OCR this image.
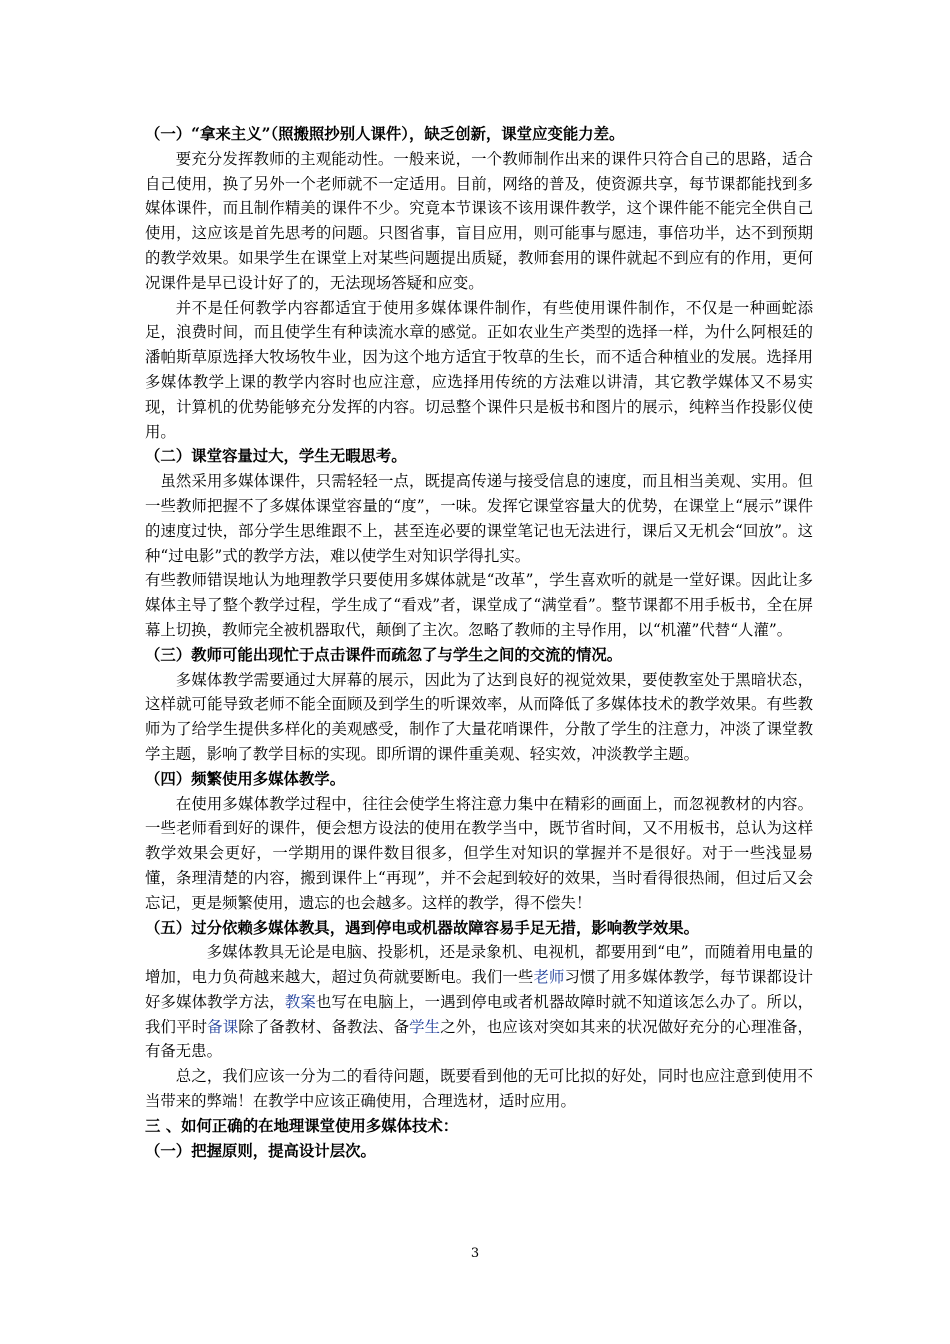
（一）“拿来主义”（照搬照抄别人课件），缺乏创新，课堂应变能力差。

要充分发挥教师的主观能动性。一般来说，一个教师制作出来的课件只符合自己的思路，适合自己使用，换了另外一个老师就不一定适用。目前，网络的普及，使资源共享，每节课都能找到多媒体课件，而且制作精美的课件不少。究竟本节课该不该用课件教学，这个课件能不能完全供自己使用，这应该是首先思考的问题。只图省事，盲目应用，则可能事与愿违，事倍功半，达不到预期的教学效果。如果学生在课堂上对某些问题提出质疑，教师套用的课件就起不到应有的作用，更何况课件是早已设计好了的，无法现场答疑和应变。

并不是任何教学内容都适宜于使用多媒体课件制作，有些使用课件制作，不仅是一种画蛇添足，浪费时间，而且使学生有种读流水章的感觉。正如农业生产类型的选择一样，为什么阿根廷的潘帕斯草原选择大牧场牧牛业，因为这个地方适宜于牧草的生长，而不适合种植业的发展。选择用多媒体教学上课的教学内容时也应注意，应选择用传统的方法难以讲清，其它教学媒体又不易实现，计算机的优势能够充分发挥的内容。切忌整个课件只是板书和图片的展示，纯粹当作投影仪使用。

（二）课堂容量过大，学生无暇思考。

虽然采用多媒体课件，只需轻轻一点，既提高传递与接受信息的速度，而且相当美观、实用。但一些教师把握不了多媒体课堂容量的“度”，一味。发挥它课堂容量大的优势，在课堂上“展示”课件的速度过快，部分学生思维跟不上，甚至连必要的课堂笔记也无法进行，课后又无机会“回放”。这种“过电影”式的教学方法，难以使学生对知识学得扎实。

有些教师错误地认为地理教学只要使用多媒体就是“改革”，学生喜欢听的就是一堂好课。因此让多媒体主导了整个教学过程，学生成了“看戏”者，课堂成了“满堂看”。整节课都不用手板书，全在屏幕上切换，教师完全被机器取代，颠倒了主次。忽略了教师的主导作用，以“机灌”代替“人灌”。

（三）教师可能出现忙于点击课件而疏忽了与学生之间的交流的情况。

多媒体教学需要通过大屏幕的展示，因此为了达到良好的视觉效果，要使教室处于黑暗状态，这样就可能导致老师不能全面顾及到学生的听课效率，从而降低了多媒体技术的教学效果。有些教师为了给学生提供多样化的美观感受，制作了大量花哨课件，分散了学生的注意力，冲淡了课堂教学主题，影响了教学目标的实现。即所谓的课件重美观、轻实效，冲淡教学主题。

（四）频繁使用多媒体教学。

在使用多媒体教学过程中，往往会使学生将注意力集中在精彩的画面上，而忽视教材的内容。一些老师看到好的课件，便会想方设法的使用在教学当中，既节省时间，又不用板书，总认为这样教学效果会更好，一学期用的课件数目很多，但学生对知识的掌握并不是很好。对于一些浅显易懂，条理清楚的内容，搬到课件上“再现”，并不会起到较好的效果，当时看得很热闹，但过后又会忘记，更是频繁使用，遗忘的也会越多。这样的教学，得不偿失！

（五）过分依赖多媒体教具，遇到停电或机器故障容易手足无措，影响教学效果。

多媒体教具无论是电脑、投影机，还是录象机、电视机，都要用到“电”，而随着用电量的增加，电力负荷越来越大，超过负荷就要断电。我们一些老师习惯了用多媒体教学，每节课都设计好多媒体教学方法，教案也写在电脑上，一遇到停电或者机器故障时就不知道该怎么办了。所以，我们平时备课除了备教材、备教法、备学生之外，也应该对突如其来的状况做好充分的心理准备，有备无患。

总之，我们应该一分为二的看待问题，既要看到他的无可比拟的好处，同时也应注意到使用不当带来的弊端！在教学中应该正确使用，合理选材，适时应用。

三 、如何正确的在地理课堂使用多媒体技术：

（一）把握原则，提高设计层次。

3
